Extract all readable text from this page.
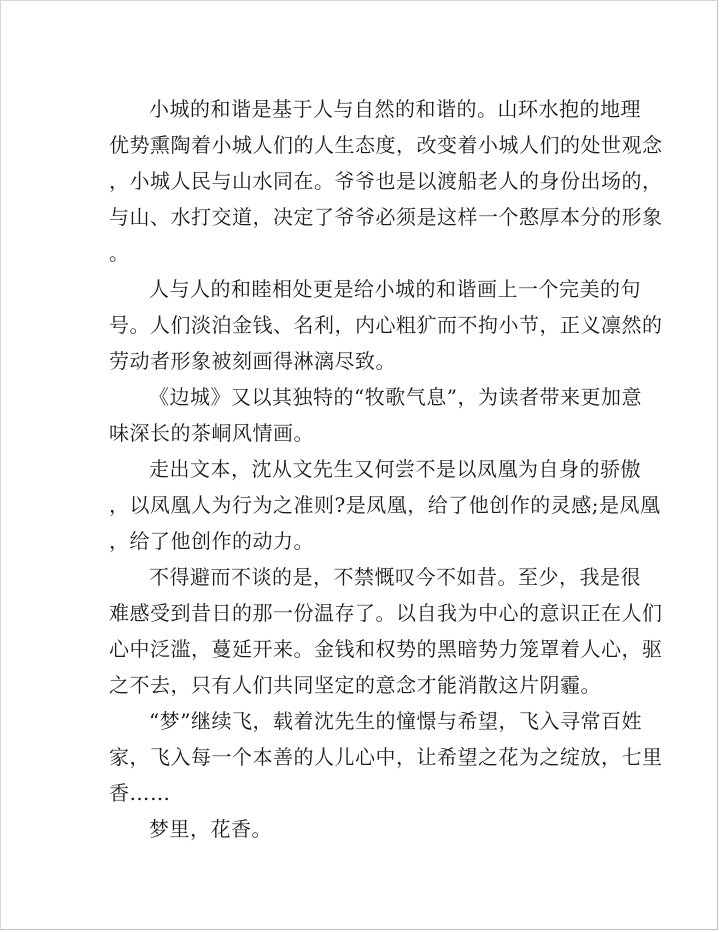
小城的和谐是基于人与自然的和谐的。山环水抱的地理
优势熏陶着小城人们的人生态度，改变着小城人们的处世观念
，小城人民与山水同在。爷爷也是以渡船老人的身份出场的，
与山、水打交道，决定了爷爷必须是这样一个憨厚本分的形象
。
人与人的和睦相处更是给小城的和谐画上一个完美的句
号。人们淡泊金钱、名利，内心粗犷而不拘小节，正义凛然的
劳动者形象被刻画得淋漓尽致。
《边城》又以其独特的“牧歌气息”，为读者带来更加意
味深长的茶峒风情画。
走出文本，沈从文先生又何尝不是以凤凰为自身的骄傲
，以凤凰人为行为之准则?是凤凰，给了他创作的灵感;是凤凰
，给了他创作的动力。
不得避而不谈的是，不禁慨叹今不如昔。至少，我是很
难感受到昔日的那一份温存了。以自我为中心的意识正在人们
心中泛滥，蔓延开来。金钱和权势的黑暗势力笼罩着人心，驱
之不去，只有人们共同坚定的意念才能消散这片阴霾。
“梦”继续飞，载着沈先生的憧憬与希望，飞入寻常百姓
家，飞入每一个本善的人儿心中，让希望之花为之绽放，七里
香……
梦里，花香。
